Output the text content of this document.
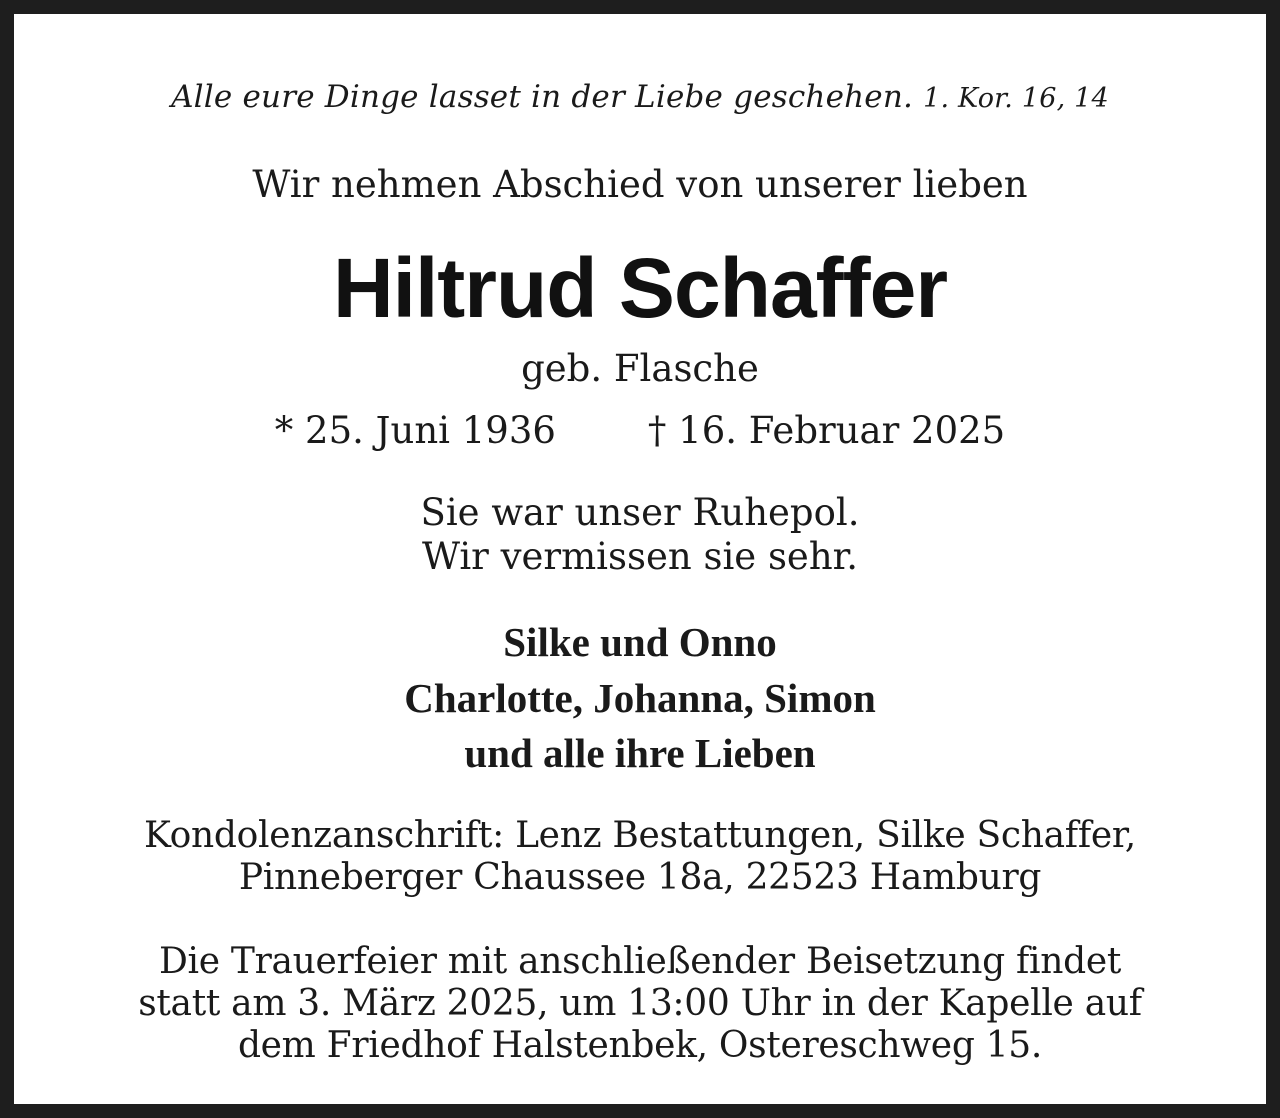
Alle eure Dinge lasset in der Liebe geschehen. 1. Kor. 16, 14
Wir nehmen Abschied von unserer lieben
Hiltrud Schaffer
geb. Flasche
* 25. Juni 1936 † 16. Februar 2025
Sie war unser Ruhepol.
Wir vermissen sie sehr.
Silke und Onno
Charlotte, Johanna, Simon
und alle ihre Lieben
Kondolenzanschrift: Lenz Bestattungen, Silke Schaffer,
Pinneberger Chaussee 18a, 22523 Hamburg
Die Trauerfeier mit anschließender Beisetzung findet
statt am 3. März 2025, um 13:00 Uhr in der Kapelle auf
dem Friedhof Halstenbek, Ostereschweg 15.
